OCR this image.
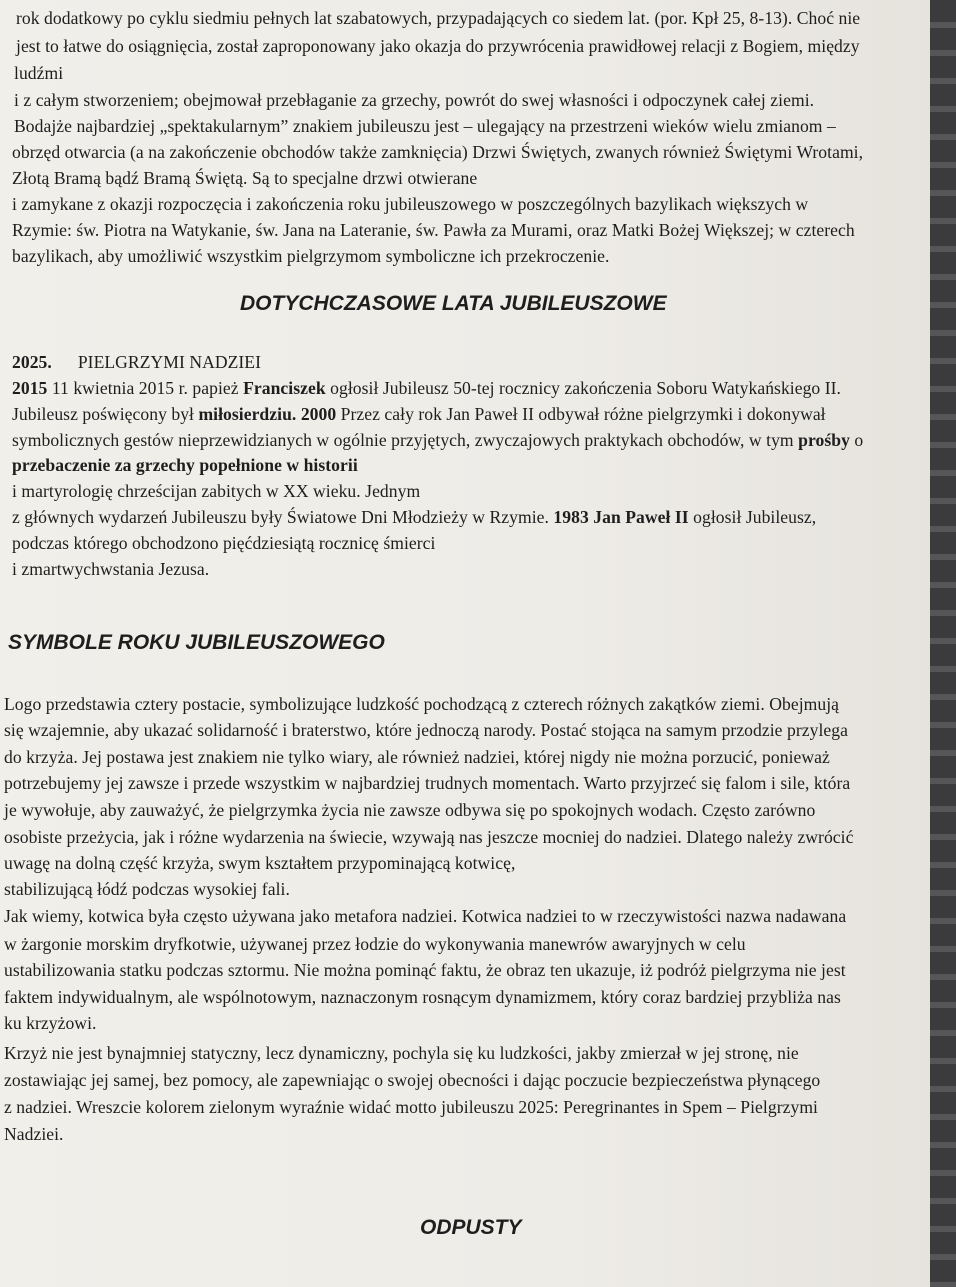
rok dodatkowy po cyklu siedmiu pełnych lat szabatowych, przypadających co siedem lat. (por. Kpł 25, 8-13). Choć nie
jest to łatwe do osiągnięcia, został zaproponowany jako okazja do przywrócenia prawidłowej relacji z Bogiem, między
ludźmi
i z całym stworzeniem; obejmował przebłaganie za grzechy, powrót do swej własności i odpoczynek całej ziemi.
Bodajże najbardziej „spektakularnym” znakiem jubileuszu jest – ulegający na przestrzeni wieków wielu zmianom –
obrzęd otwarcia (a na zakończenie obchodów także zamknięcia) Drzwi Świętych, zwanych również Świętymi Wrotami,
Złotą Bramą bądź Bramą Świętą. Są to specjalne drzwi otwierane
i zamykane z okazji rozpoczęcia i zakończenia roku jubileuszowego w poszczególnych bazylikach większych w
Rzymie: św. Piotra na Watykanie, św. Jana na Lateranie, św. Pawła za Murami, oraz Matki Bożej Większej; w czterech
bazylikach, aby umożliwić wszystkim pielgrzymom symboliczne ich przekroczenie.
DOTYCHCZASOWE LATA JUBILEUSZOWE
2025. PIELGRZYMI NADZIEI
2015 11 kwietnia 2015 r. papież Franciszek ogłosił Jubileusz 50-tej rocznicy zakończenia Soboru Watykańskiego II.
Jubileusz poświęcony był miłosierdziu. 2000 Przez cały rok Jan Paweł II odbywał różne pielgrzymki i dokonywał
symbolicznych gestów nieprzewidzianych w ogólnie przyjętych, zwyczajowych praktykach obchodów, w tym prośby o
przebaczenie za grzechy popełnione w historii
i martyrologię chrześcijan zabitych w XX wieku. Jednym
z głównych wydarzeń Jubileuszu były Światowe Dni Młodzieży w Rzymie. 1983 Jan Paweł II ogłosił Jubileusz,
podczas którego obchodzono pięćdziesiątą rocznicę śmierci
i zmartwychwstania Jezusa.
SYMBOLE ROKU JUBILEUSZOWEGO
Logo przedstawia cztery postacie, symbolizujące ludzkość pochodzącą z czterech różnych zakątków ziemi. Obejmują
się wzajemnie, aby ukazać solidarność i braterstwo, które jednoczą narody. Postać stojąca na samym przodzie przylega
do krzyża. Jej postawa jest znakiem nie tylko wiary, ale również nadziei, której nigdy nie można porzucić, ponieważ
potrzebujemy jej zawsze i przede wszystkim w najbardziej trudnych momentach. Warto przyjrzeć się falom i sile, która
je wywołuje, aby zauważyć, że pielgrzymka życia nie zawsze odbywa się po spokojnych wodach. Często zarówno
osobiste przeżycia, jak i różne wydarzenia na świecie, wzywają nas jeszcze mocniej do nadziei. Dlatego należy zwrócić
uwagę na dolną część krzyża, swym kształtem przypominającą kotwicę,
stabilizującą łódź podczas wysokiej fali.
Jak wiemy, kotwica była często używana jako metafora nadziei. Kotwica nadziei to w rzeczywistości nazwa nadawana
w żargonie morskim dryfkotwie, używanej przez łodzie do wykonywania manewrów awaryjnych w celu
ustabilizowania statku podczas sztormu. Nie można pominąć faktu, że obraz ten ukazuje, iż podróż pielgrzyma nie jest
faktem indywidualnym, ale wspólnotowym, naznaczonym rosnącym dynamizmem, który coraz bardziej przybliża nas
ku krzyżowi.
Krzyż nie jest bynajmniej statyczny, lecz dynamiczny, pochyla się ku ludzkości, jakby zmierzał w jej stronę, nie
zostawiając jej samej, bez pomocy, ale zapewniając o swojej obecności i dając poczucie bezpieczeństwa płynącego
z nadziei. Wreszcie kolorem zielonym wyraźnie widać motto jubileuszu 2025: Peregrinantes in Spem – Pielgrzymi
Nadziei.
ODPUSTY
